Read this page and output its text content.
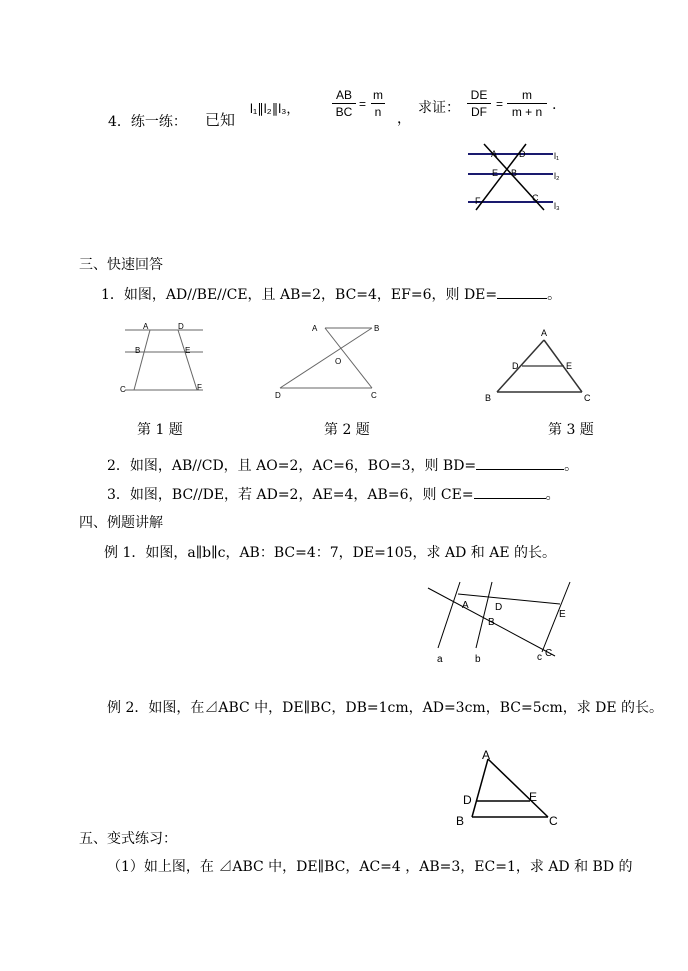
4．练一练： 已知
l₁∥l₂∥l₃，
AB
BC
=
m
n ，
求证：
DE
DF
=
m
m + n .
A D
E B
F	C
l₁
l₂
l₃
三、快速回答
1．如图，AD//BE//CE，且 AB=2，BC=4，EF=6，则 DE=	。
A	D
B	E
C	F
第 1 题
A	B
O
D	C
第 2 题
A
D	E
B	C
第 3 题
2．如图，AB//CD，且 AO=2，AC=6，BO=3，则 BD=	。
3．如图，BC//DE，若 AD=2，AE=4，AB=6，则 CE=	。
四、例题讲解
例 1．如图，a∥b∥c，AB：BC=4：7，DE=105，求 AD 和 AE 的长。
A	D
E
B
a	b	c C
例 2．如图，在⊿ABC 中，DE∥BC，DB=1cm，AD=3cm，BC=5cm，求 DE 的长。
A
D	E
B	C
五、变式练习：
（1）如上图，在 ⊿ABC 中，DE∥BC，AC=4 ，AB=3，EC=1，求 AD 和 BD 的
